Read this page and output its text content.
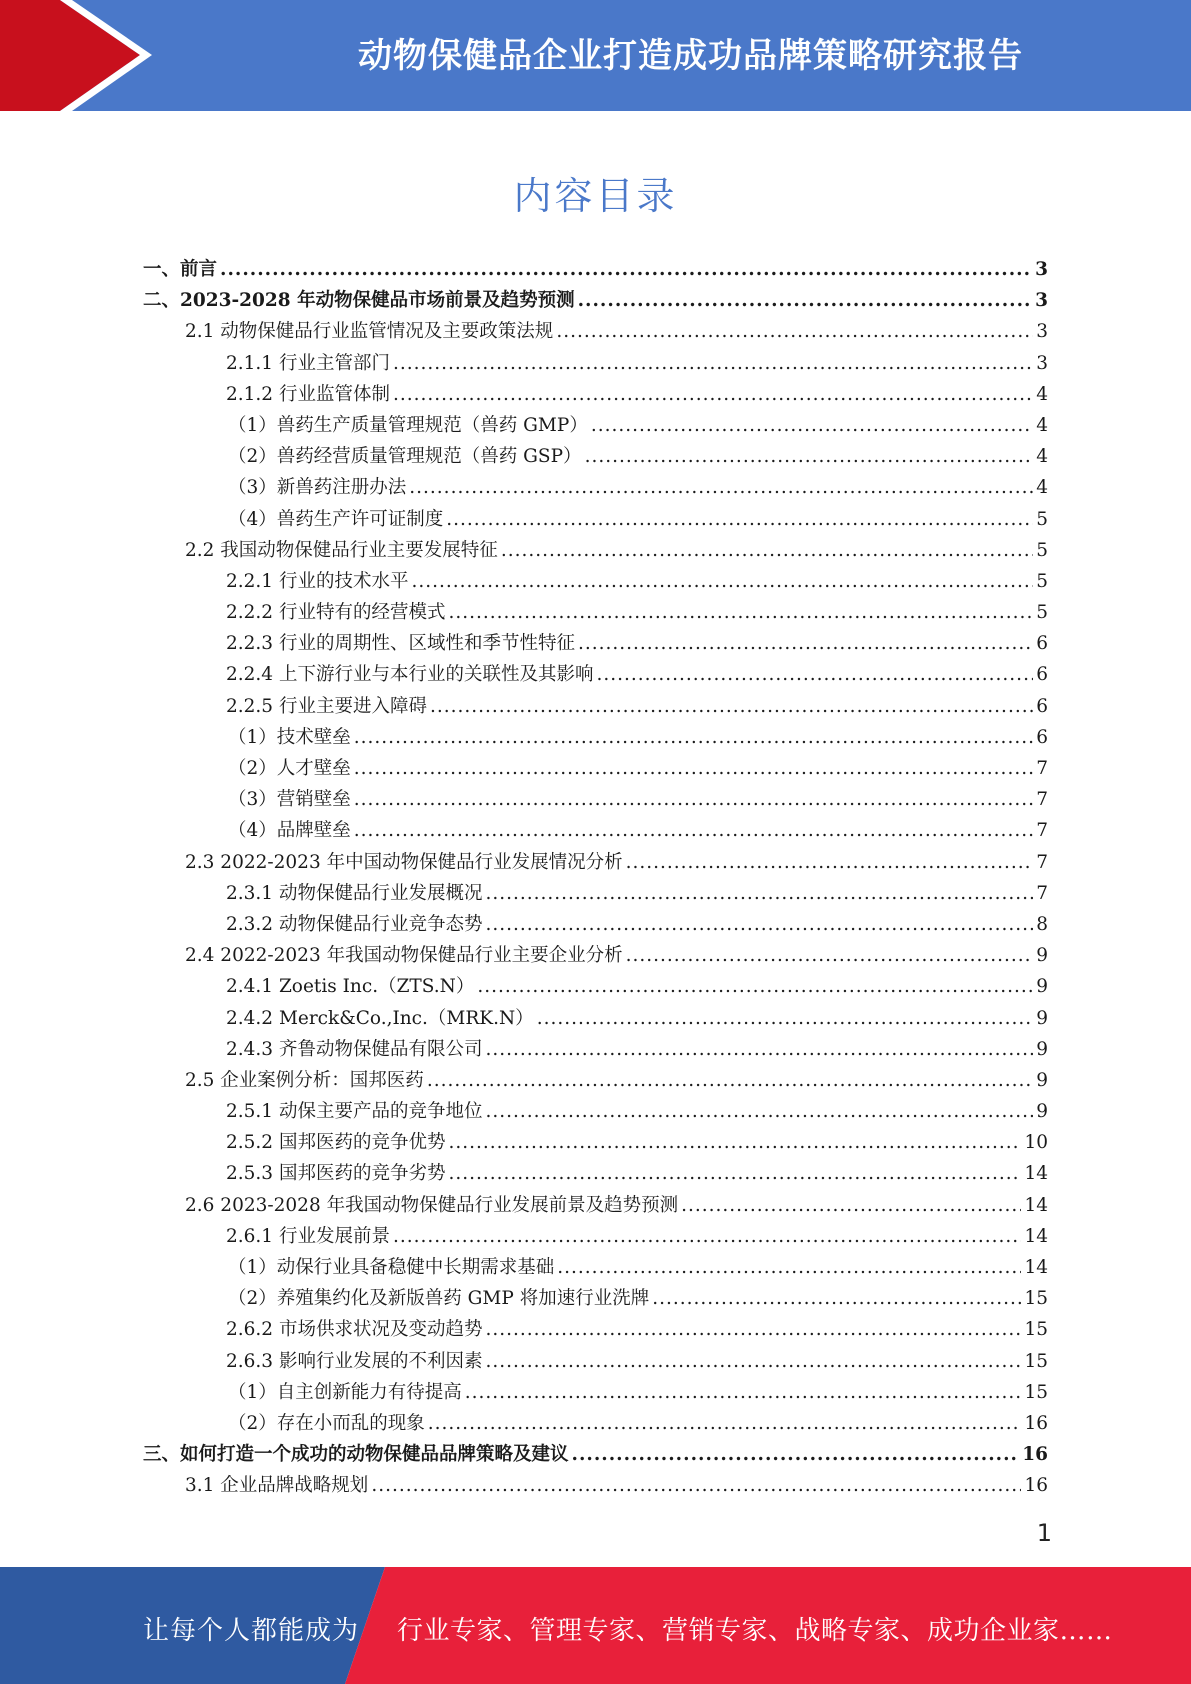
动物保健品企业打造成功品牌策略研究报告
内容目录
一、前言 .....	3
二、2023-2028 年动物保健品市场前景及趋势预测 .....	3
2.1 动物保健品行业监管情况及主要政策法规 .....	3
2.1.1 行业主管部门 .....	3
2.1.2 行业监管体制 .....	4
（1）兽药生产质量管理规范（兽药 GMP） .....	4
（2）兽药经营质量管理规范（兽药 GSP） .....	4
（3）新兽药注册办法 .....	4
（4）兽药生产许可证制度 .....	5
2.2 我国动物保健品行业主要发展特征 .....	5
2.2.1 行业的技术水平 .....	5
2.2.2 行业特有的经营模式 .....	5
2.2.3 行业的周期性、区域性和季节性特征 .....	6
2.2.4 上下游行业与本行业的关联性及其影响 .....	6
2.2.5 行业主要进入障碍 .....	6
（1）技术壁垒 .....	6
（2）人才壁垒 .....	7
（3）营销壁垒 .....	7
（4）品牌壁垒 .....	7
2.3 2022-2023 年中国动物保健品行业发展情况分析 .....	7
2.3.1 动物保健品行业发展概况 .....	7
2.3.2 动物保健品行业竞争态势 .....	8
2.4 2022-2023 年我国动物保健品行业主要企业分析 .....	9
2.4.1 Zoetis Inc.（ZTS.N） .....	9
2.4.2 Merck&Co.,Inc.（MRK.N） .....	9
2.4.3 齐鲁动物保健品有限公司 .....	9
2.5 企业案例分析：国邦医药 .....	9
2.5.1 动保主要产品的竞争地位 .....	9
2.5.2 国邦医药的竞争优势 .....	10
2.5.3 国邦医药的竞争劣势 .....	14
2.6 2023-2028 年我国动物保健品行业发展前景及趋势预测 .....	14
2.6.1 行业发展前景 .....	14
（1）动保行业具备稳健中长期需求基础 .....	14
（2）养殖集约化及新版兽药 GMP 将加速行业洗牌 .....	15
2.6.2 市场供求状况及变动趋势 .....	15
2.6.3 影响行业发展的不利因素 .....	15
（1）自主创新能力有待提高 .....	15
（2）存在小而乱的现象 .....	16
三、如何打造一个成功的动物保健品品牌策略及建议 .....	16
3.1 企业品牌战略规划 .....	16
1
让每个人都能成为 行业专家、管理专家、营销专家、战略专家、成功企业家……
